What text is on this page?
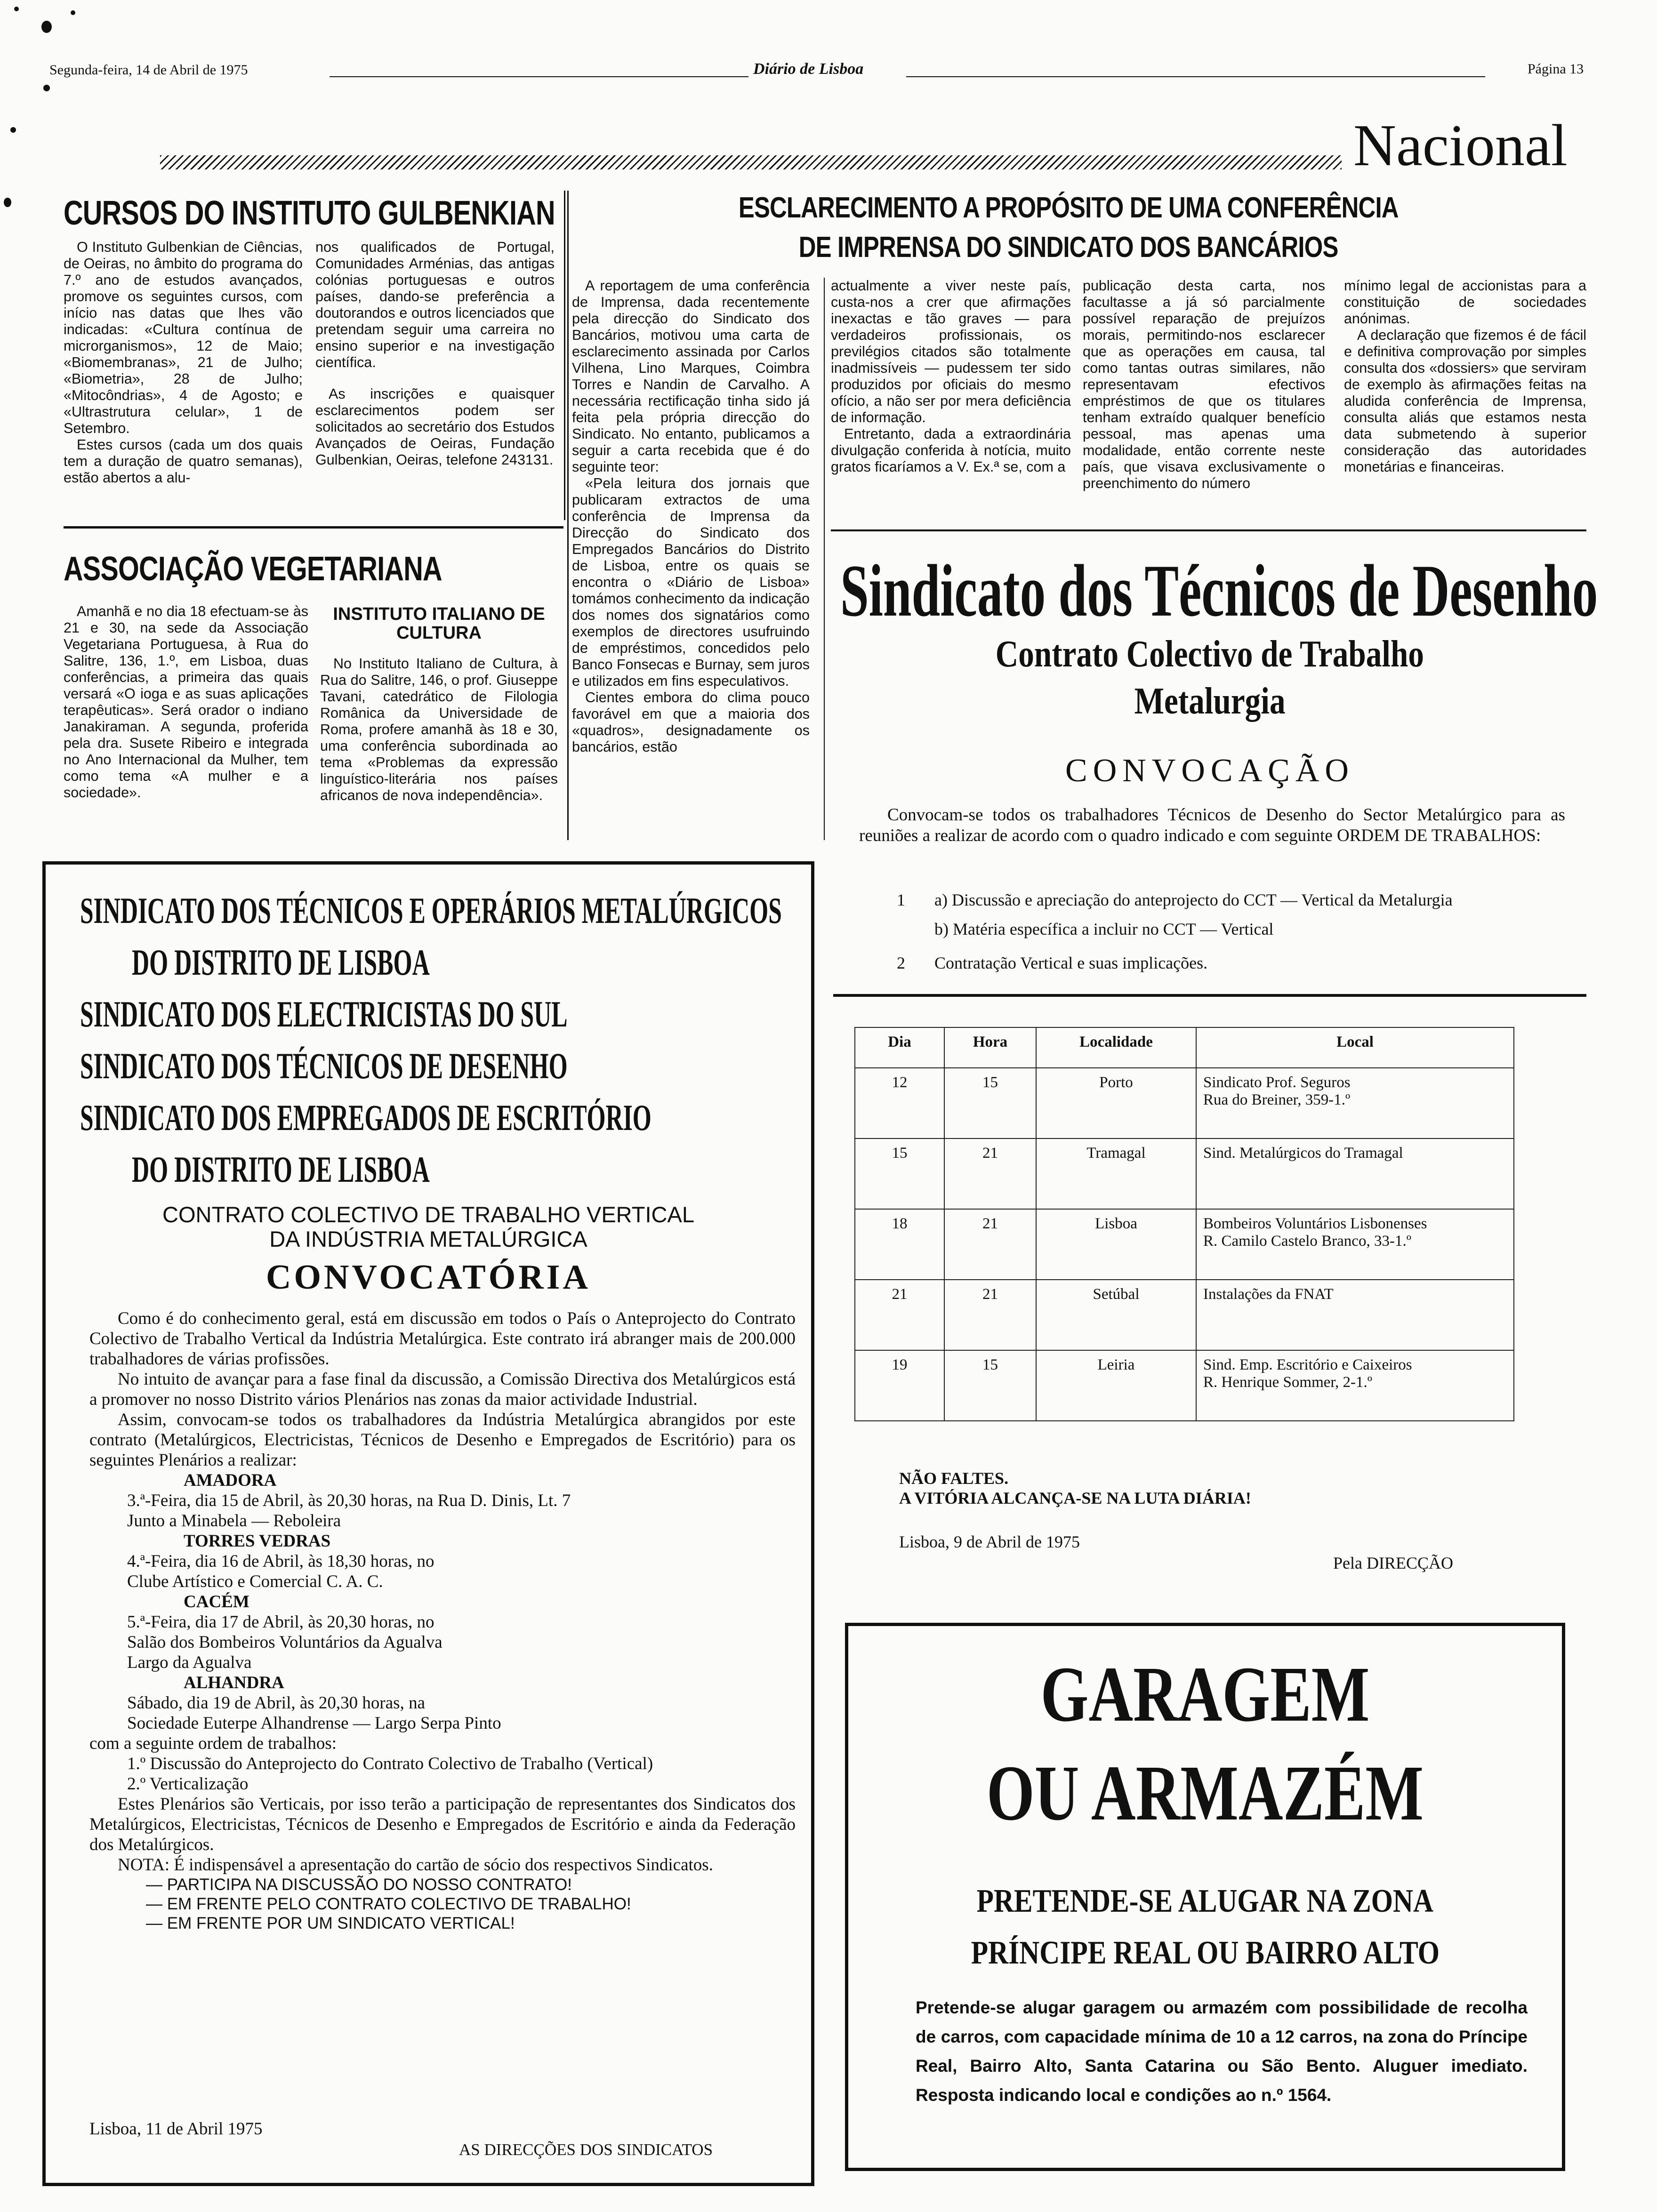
Segunda-feira, 14 de Abril de 1975	Diário de Lisboa	Página 13
Nacional
CURSOS DO INSTITUTO GULBENKIAN

O Instituto Gulbenkian de Ciências, de Oeiras, no âmbito do programa do 7.º ano de estudos avançados, promove os seguintes cursos, com início nas datas que lhes vão indicadas: «Cultura contínua de microrganismos», 12 de Maio; «Biomembranas», 21 de Julho; «Biometria», 28 de Julho; «Mitocôndrias», 4 de Agosto; e «Ultrastrutura celular», 1 de Setembro.

Estes cursos (cada um dos quais tem a duração de quatro semanas), estão abertos a alu-

nos qualificados de Portugal, Comunidades Arménias, das antigas colónias portuguesas e outros países, dando-se preferência a doutorandos e outros licenciados que pretendam seguir uma carreira no ensino superior e na investigação científica.

As inscrições e quaisquer esclarecimentos podem ser solicitados ao secretário dos Estudos Avançados de Oeiras, Fundação Gulbenkian, Oeiras, telefone 243131.

ASSOCIAÇÃO VEGETARIANA

Amanhã e no dia 18 efectuam-se às 21 e 30, na sede da Associação Vegetariana Portuguesa, à Rua do Salitre, 136, 1.º, em Lisboa, duas conferências, a primeira das quais versará «O ioga e as suas aplicações terapêuticas». Será orador o indiano Janakiraman. A segunda, proferida pela dra. Susete Ribeiro e integrada no Ano Internacional da Mulher, tem como tema «A mulher e a sociedade».

INSTITUTO ITALIANO DE CULTURA

No Instituto Italiano de Cultura, à Rua do Salitre, 146, o prof. Giuseppe Tavani, catedrático de Filologia Românica da Universidade de Roma, profere amanhã às 18 e 30, uma conferência subordinada ao tema «Problemas da expressão linguístico-literária nos países africanos de nova independência».

ESCLARECIMENTO A PROPÓSITO DE UMA CONFERÊNCIA
DE IMPRENSA DO SINDICATO DOS BANCÁRIOS

A reportagem de uma conferência de Imprensa, dada recentemente pela direcção do Sindicato dos Bancários, motivou uma carta de esclarecimento assinada por Carlos Vilhena, Lino Marques, Coimbra Torres e Nandin de Carvalho. A necessária rectificação tinha sido já feita pela própria direcção do Sindicato. No entanto, publicamos a seguir a carta recebida que é do seguinte teor:

«Pela leitura dos jornais que publicaram extractos de uma conferência de Imprensa da Direcção do Sindicato dos Empregados Bancários do Distrito de Lisboa, entre os quais se encontra o «Diário de Lisboa» tomámos conhecimento da indicação dos nomes dos signatários como exemplos de directores usufruindo de empréstimos, concedidos pelo Banco Fonsecas e Burnay, sem juros e utilizados em fins especulativos.

Cientes embora do clima pouco favorável em que a maioria dos «quadros», designadamente os bancários, estão

actualmente a viver neste país, custa-nos a crer que afirmações inexactas e tão graves — para verdadeiros profissionais, os previlégios citados são totalmente inadmissíveis — pudessem ter sido produzidos por oficiais do mesmo ofício, a não ser por mera deficiência de informação.

Entretanto, dada a extraordinária divulgação conferida à notícia, muito gratos ficaríamos a V. Ex.ª se, com a

publicação desta carta, nos facultasse a já só parcialmente possível reparação de prejuízos morais, permitindo-nos esclarecer que as operações em causa, tal como tantas outras similares, não representavam efectivos empréstimos de que os titulares tenham extraído qualquer benefício pessoal, mas apenas uma modalidade, então corrente neste país, que visava exclusivamente o preenchimento do número

mínimo legal de accionistas para a constituição de sociedades anónimas.

A declaração que fizemos é de fácil e definitiva comprovação por simples consulta dos «dossiers» que serviram de exemplo às afirmações feitas na aludida conferência de Imprensa, consulta aliás que estamos nesta data submetendo à superior consideração das autoridades monetárias e financeiras.

Sindicato dos Técnicos de Desenho
Contrato Colectivo de Trabalho
Metalurgia
CONVOCAÇÃO

Convocam-se todos os trabalhadores Técnicos de Desenho do Sector Metalúrgico para as reuniões a realizar de acordo com o quadro indicado e com seguinte ORDEM DE TRABALHOS:

1	a) Discussão e apreciação do anteprojecto do CCT — Vertical da Metalurgia
b) Matéria específica a incluir no CCT — Vertical
2	Contratação Vertical e suas implicações.
Dia	Hora	Localidade	Local
12	15	Porto	Sindicato Prof. Seguros
Rua do Breiner, 359-1.º

15	21	Tramagal	Sind. Metalúrgicos do Tramagal

18	21	Lisboa	Bombeiros Voluntários Lisbonenses
R. Camilo Castelo Branco, 33-1.º

21	21	Setúbal	Instalações da FNAT

19	15	Leiria	Sind. Emp. Escritório e Caixeiros
R. Henrique Sommer, 2-1.º
NÃO FALTES.
A VITÓRIA ALCANÇA-SE NA LUTA DIÁRIA!
Lisboa, 9 de Abril de 1975
Pela DIRECÇÃO
SINDICATO DOS TÉCNICOS E OPERÁRIOS METALÚRGICOS
DO DISTRITO DE LISBOA
SINDICATO DOS ELECTRICISTAS DO SUL
SINDICATO DOS TÉCNICOS DE DESENHO
SINDICATO DOS EMPREGADOS DE ESCRITÓRIO
DO DISTRITO DE LISBOA
CONTRATO COLECTIVO DE TRABALHO VERTICAL
DA INDÚSTRIA METALÚRGICA
CONVOCATÓRIA

Como é do conhecimento geral, está em discussão em todos o País o Anteprojecto do Contrato Colectivo de Trabalho Vertical da Indústria Metalúrgica. Este contrato irá abranger mais de 200.000 trabalhadores de várias profissões.

No intuito de avançar para a fase final da discussão, a Comissão Directiva dos Metalúrgicos está a promover no nosso Distrito vários Plenários nas zonas da maior actividade Industrial.

Assim, convocam-se todos os trabalhadores da Indústria Metalúrgica abrangidos por este contrato (Metalúrgicos, Electricistas, Técnicos de Desenho e Empregados de Escritório) para os seguintes Plenários a realizar:

AMADORA
3.ª-Feira, dia 15 de Abril, às 20,30 horas, na Rua D. Dinis, Lt. 7
Junto a Minabela — Reboleira
TORRES VEDRAS
4.ª-Feira, dia 16 de Abril, às 18,30 horas, no
Clube Artístico e Comercial C. A. C.
CACÉM
5.ª-Feira, dia 17 de Abril, às 20,30 horas, no
Salão dos Bombeiros Voluntários da Agualva
Largo da Agualva
ALHANDRA
Sábado, dia 19 de Abril, às 20,30 horas, na
Sociedade Euterpe Alhandrense — Largo Serpa Pinto
com a seguinte ordem de trabalhos:
1.º Discussão do Anteprojecto do Contrato Colectivo de Trabalho (Vertical)
2.º Verticalização

Estes Plenários são Verticais, por isso terão a participação de representantes dos Sindicatos dos Metalúrgicos, Electricistas, Técnicos de Desenho e Empregados de Escritório e ainda da Federação dos Metalúrgicos.

NOTA: É indispensável a apresentação do cartão de sócio dos respectivos Sindicatos.

— PARTICIPA NA DISCUSSÃO DO NOSSO CONTRATO!
— EM FRENTE PELO CONTRATO COLECTIVO DE TRABALHO!
— EM FRENTE POR UM SINDICATO VERTICAL!
Lisboa, 11 de Abril 1975
AS DIRECÇÕES DOS SINDICATOS
GARAGEM
OU ARMAZÉM
PRETENDE-SE ALUGAR NA ZONA
PRÍNCIPE REAL OU BAIRRO ALTO

Pretende-se alugar garagem ou armazém com possibilidade de recolha de carros, com capacidade mínima de 10 a 12 carros, na zona do Príncipe Real, Bairro Alto, Santa Catarina ou São Bento. Aluguer imediato. Resposta indicando local e condições ao n.º 1564.
